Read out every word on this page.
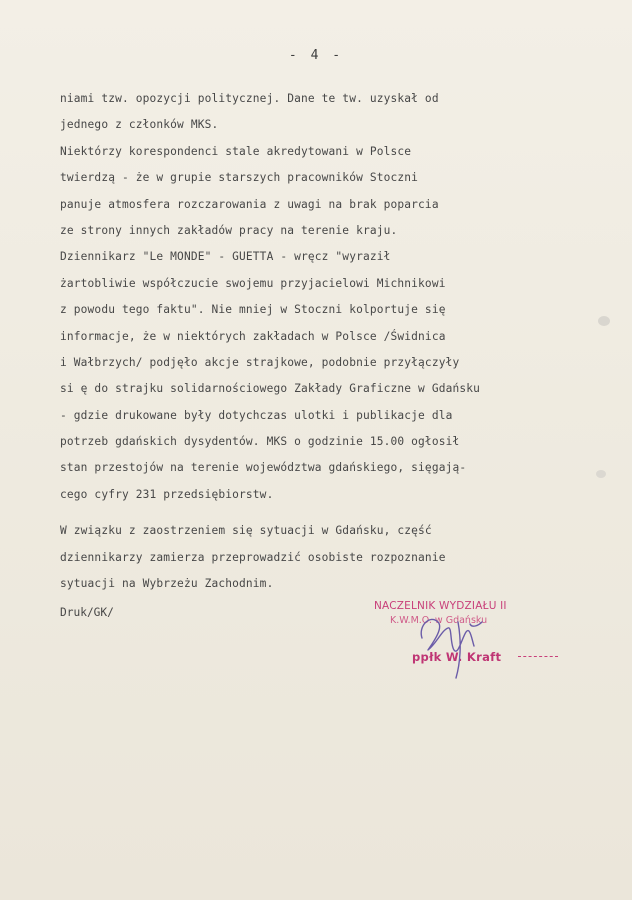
- 4 -
niami tzw. opozycji politycznej. Dane te tw. uzyskał od
jednego z członków MKS.
Niektórzy korespondenci stale akredytowani w Polsce
twierdzą - że w grupie starszych pracowników Stoczni
panuje atmosfera rozczarowania z uwagi na brak poparcia
ze strony innych zakładów pracy na terenie kraju.
Dziennikarz "Le MONDE" - GUETTA - wręcz "wyraził
żartobliwie współczucie swojemu przyjacielowi Michnikowi
z powodu tego faktu". Nie mniej w Stoczni kolportuje się
informacje, że w niektórych zakładach w Polsce /Świdnica
i Wałbrzych/ podjęło akcje strajkowe, podobnie przyłączyły
si ę do strajku solidarnościowego Zakłady Graficzne w Gdańsku
- gdzie drukowane były dotychczas ulotki i publikacje dla
potrzeb gdańskich dysydentów. MKS o godzinie 15.00 ogłosił
stan przestojów na terenie województwa gdańskiego, sięgają-
cego cyfry 231 przedsiębiorstw.
W związku z zaostrzeniem się sytuacji w Gdańsku, część
dziennikarzy zamierza przeprowadzić osobiste rozpoznanie
sytuacji na Wybrzeżu Zachodnim.
Druk/GK/	NACZELNIK WYDZIAŁU II
K.W.M.O. w Gdańsku
ppłk W. Kraft
